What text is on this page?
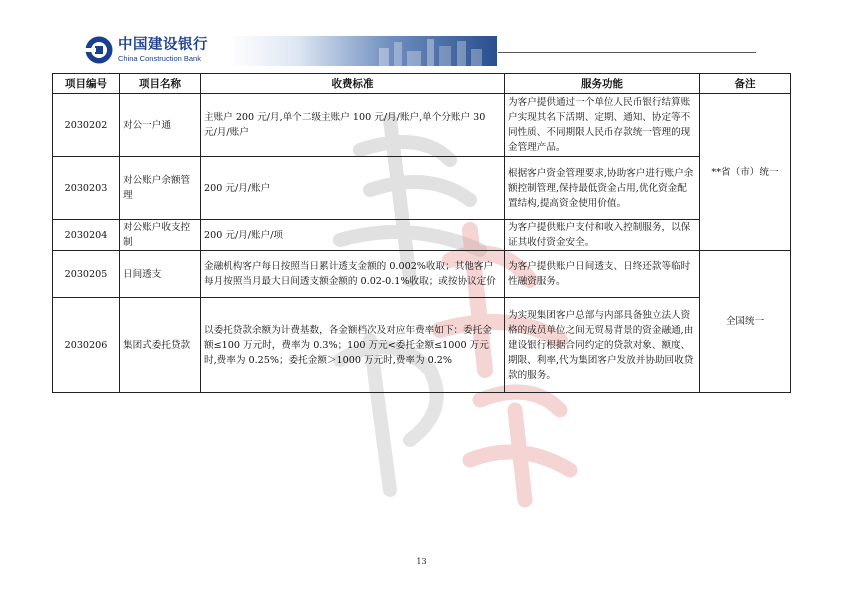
中国建设银行
China Construction Bank
项目编号	项目名称	收费标准	服务功能	备注
2030202	对公一户通	主账户 200 元/月,单个二级主账户 100 元/月/账户,单个分账户 30 元/月/账户	为客户提供通过一个单位人民币银行结算账户实现其名下活期、定期、通知、协定等不同性质、不同期限人民币存款统一管理的现金管理产品。	**省（市）统一
2030203	对公账户余额管理	200 元/月/账户	根据客户资金管理要求,协助客户进行账户余额控制管理,保持最低资金占用,优化资金配置结构,提高资金使用价值。	
2030204	对公账户收支控制	200 元/月/账户/项	为客户提供账户支付和收入控制服务，以保证其收付资金安全。	
2030205	日间透支	金融机构客户每日按照当日累计透支金额的 0.002%收取；其他客户每月按照当月最大日间透支额金额的 0.02-0.1%收取；或按协议定价	为客户提供账户日间透支、日终还款等临时性融资服务。	全国统一
2030206	集团式委托贷款	以委托贷款余额为计费基数，各金额档次及对应年费率如下：委托金额≤100 万元时，费率为 0.3%；100 万元<委托金额≤1000 万元时,费率为 0.25%；委托金额＞1000 万元时,费率为 0.2%	为实现集团客户总部与内部具备独立法人资格的成员单位之间无贸易背景的资金融通,由建设银行根据合同约定的贷款对象、额度、期限、利率,代为集团客户发放并协助回收贷款的服务。	
13
